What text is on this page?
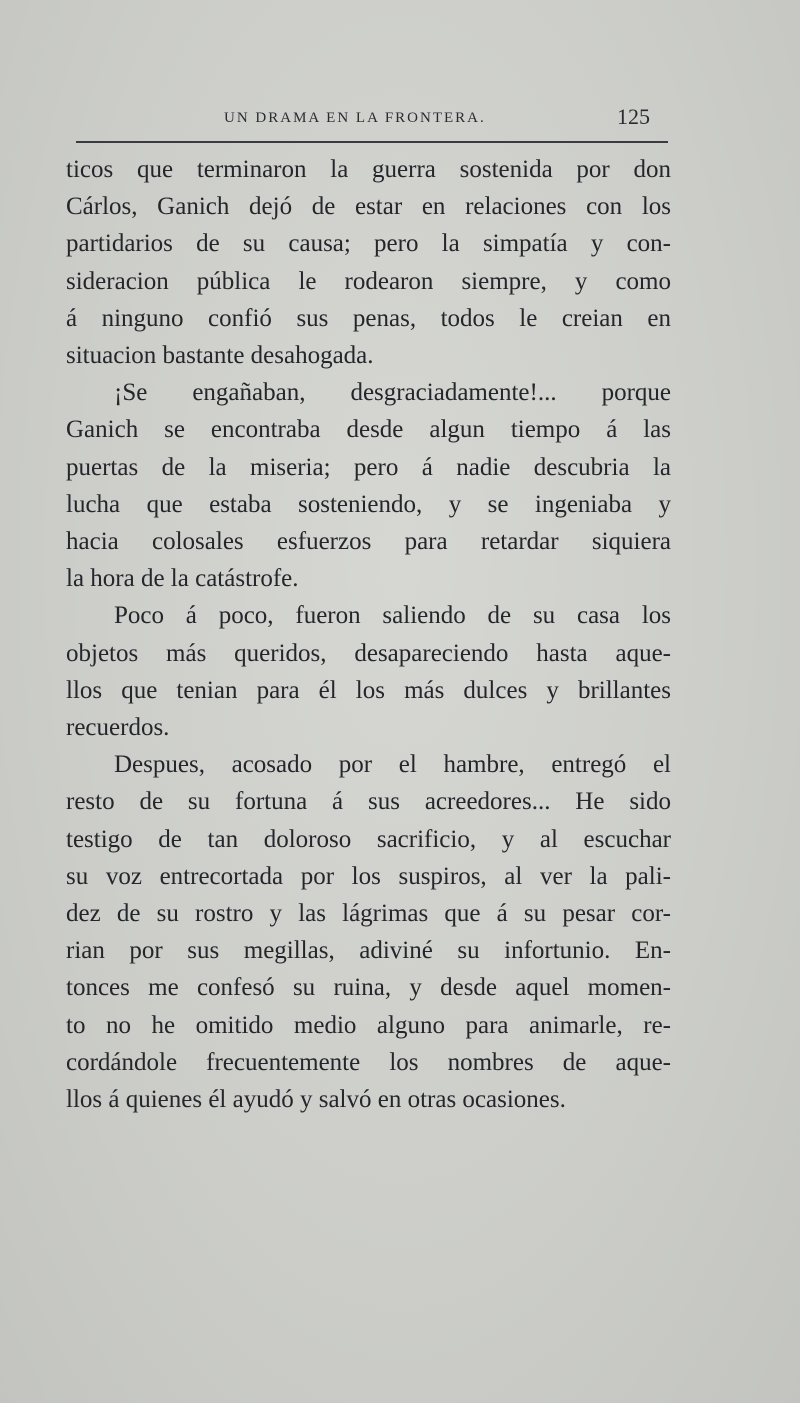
UN DRAMA EN LA FRONTERA.	125
ticos que terminaron la guerra sostenida por don
Cárlos, Ganich dejó de estar en relaciones con los
partidarios de su causa; pero la simpatía y con-
sideracion pública le rodearon siempre, y como
á ninguno confió sus penas, todos le creian en
situacion bastante desahogada.
¡Se engañaban, desgraciadamente!... porque
Ganich se encontraba desde algun tiempo á las
puertas de la miseria; pero á nadie descubria la
lucha que estaba sosteniendo, y se ingeniaba y
hacia colosales esfuerzos para retardar siquiera
la hora de la catástrofe.
Poco á poco, fueron saliendo de su casa los
objetos más queridos, desapareciendo hasta aque-
llos que tenian para él los más dulces y brillantes
recuerdos.
Despues, acosado por el hambre, entregó el
resto de su fortuna á sus acreedores... He sido
testigo de tan doloroso sacrificio, y al escuchar
su voz entrecortada por los suspiros, al ver la pali-
dez de su rostro y las lágrimas que á su pesar cor-
rian por sus megillas, adiviné su infortunio. En-
tonces me confesó su ruina, y desde aquel momen-
to no he omitido medio alguno para animarle, re-
cordándole frecuentemente los nombres de aque-
llos á quienes él ayudó y salvó en otras ocasiones.
